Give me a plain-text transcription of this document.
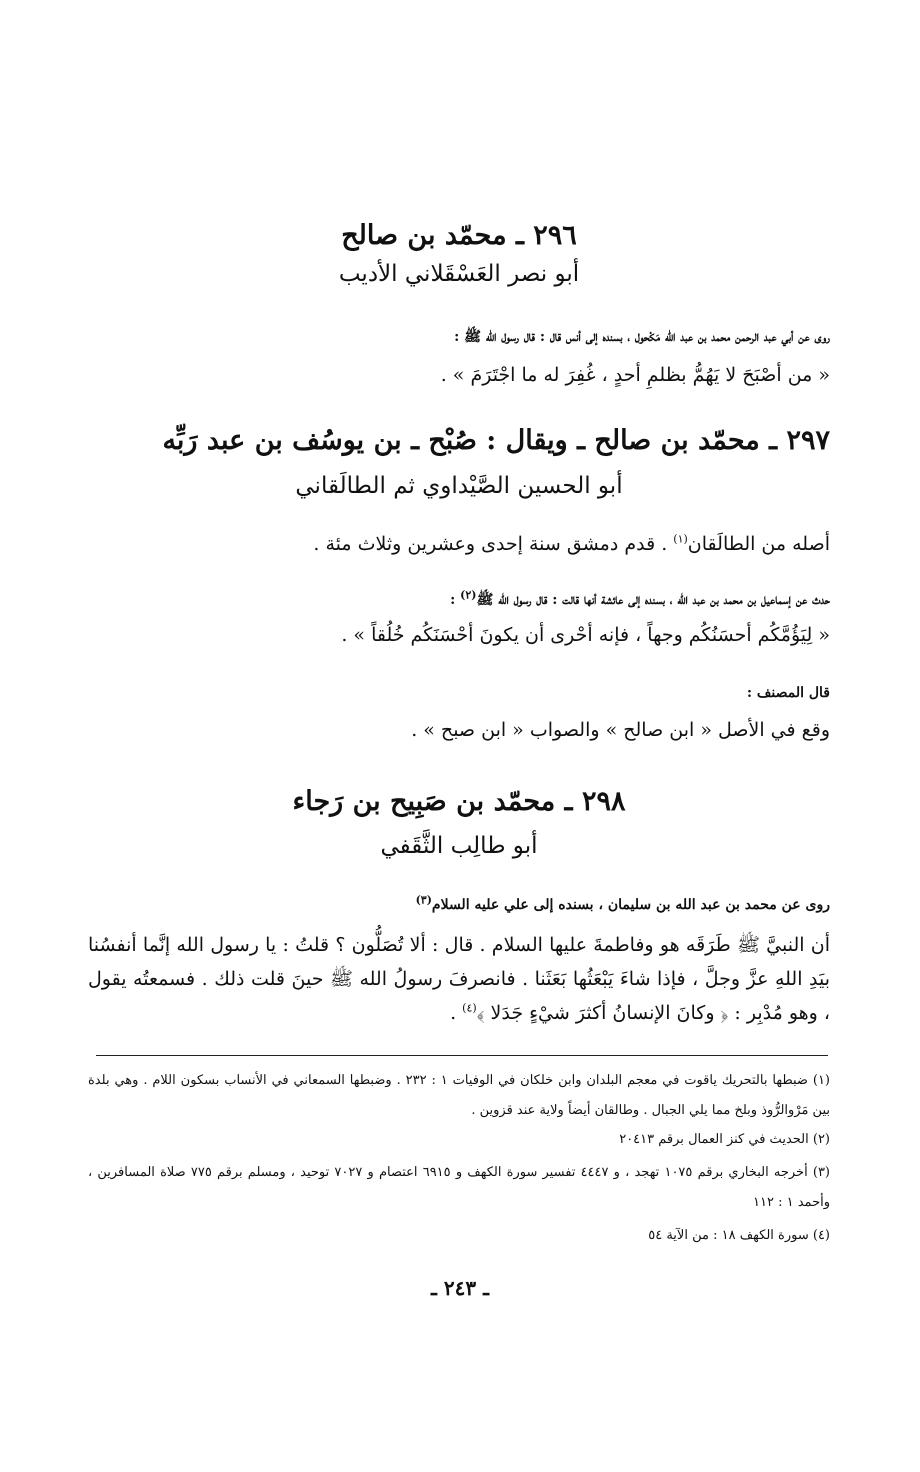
٢٩٦ ـ محمّد بن صالح
أبو نصر العَسْقَلاني الأديب
روى عن أبي عبد الرحمن محمد بن عبد الله مَكْحول ، بسنده إلى أنس قال : قال رسول الله ﷺ :
« من أصْبَحَ لا يَهُمُّ بظلمِ أحدٍ ، غُفِرَ له ما اجْتَرَمَ » .
٢٩٧ ـ محمّد بن صالح ـ ويقال : صُبْح ـ بن يوسُف بن عبد رَبِّه
أبو الحسين الصَّيْداوي ثم الطالَقاني
أصله من الطالَقان$^{(١)}$ . قدم دمشق سنة إحدى وعشرين وثلاث مئة .
حدث عن إسماعيل بن محمد بن عبد الله ، بسنده إلى عائشة أنها قالت : قال رسول الله ﷺ$^{(٢)}$ :
« لِيَؤُمَّكُم أحسَنُكُم وجهاً ، فإنه أحْرى أن يكونَ أحْسَنَكُم خُلُقاً » .
قال المصنف :
وقع في الأصل « ابن صالح » والصواب « ابن صبح » .
٢٩٨ ـ محمّد بن صَبِيح بن رَجاء
أبو طالِب الثَّقَفي
روى عن محمد بن عبد الله بن سليمان ، بسنده إلى علي عليه السلام$^{(٣)}$
أن النبيَّ ﷺ طَرَقَه هو وفاطمةَ عليها السلام . قال : ألا تُصَلُّون ؟ قلتُ : يا رسول الله إنَّما أنفسُنا بيَدِ اللهِ عزَّ وجلَّ ، فإذا شاءَ يَبْعَثُها بَعَثَنا . فانصرفَ رسولُ الله ﷺ حينَ قلت ذلك . فسمعتُه يقول ، وهو مُدْبِر : ﴿ وكانَ الإنسانُ أكثرَ شيْءٍ جَدَلا ﴾$^{(٤)}$ .
(١) ضبطها بالتحريك ياقوت في معجم البلدان وابن خلكان في الوفيات ١ : ٢٣٢ . وضبطها السمعاني في الأنساب بسكون اللام . وهي بلدة بين مَرْوالرُّوذ وبلخ مما يلي الجبال . وطالقان أيضاً ولاية عند قزوين .
(٢) الحديث في كنز العمال برقم ٢٠٤١٣
(٣) أخرجه البخاري برقم ١٠٧٥ تهجد ، و ٤٤٤٧ تفسير سورة الكهف و ٦٩١٥ اعتصام و ٧٠٢٧ توحيد ، ومسلم برقم ٧٧٥ صلاة المسافرين ، وأحمد ١ : ١١٢
(٤) سورة الكهف ١٨ : من الآية ٥٤
ـ ٢٤٣ ـ
